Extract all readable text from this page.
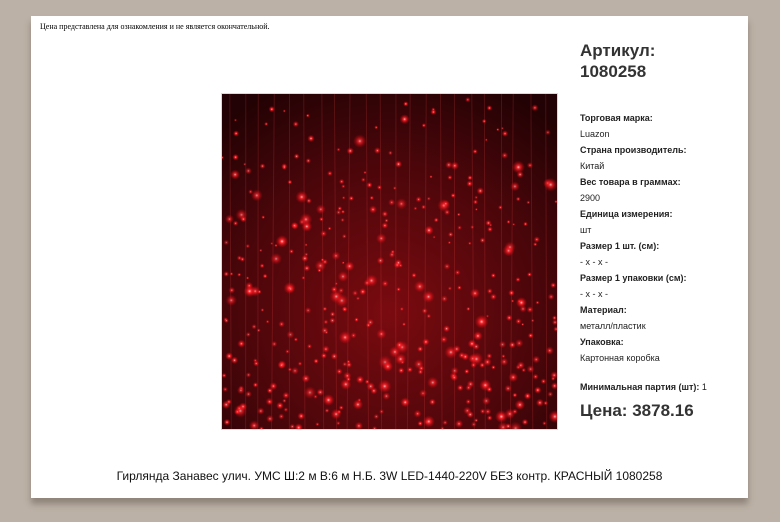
Цена представлена для ознакомления и не является окончательной.
Артикул:
1080258
Торговая марка:
Luazon
Страна производитель:
Китай
Вес товара в граммах:
2900
Единица измерения:
шт
Размер 1 шт. (см):
- x - x -
Размер 1 упаковки (см):
- x - x -
Материал:
металл/пластик
Упаковка:
Картонная коробка
Минимальная партия (шт): 1
Цена: 3878.16
Гирлянда Занавес улич. УМС Ш:2 м В:6 м Н.Б. 3W LED-1440-220V БЕЗ контр. КРАСНЫЙ 1080258
